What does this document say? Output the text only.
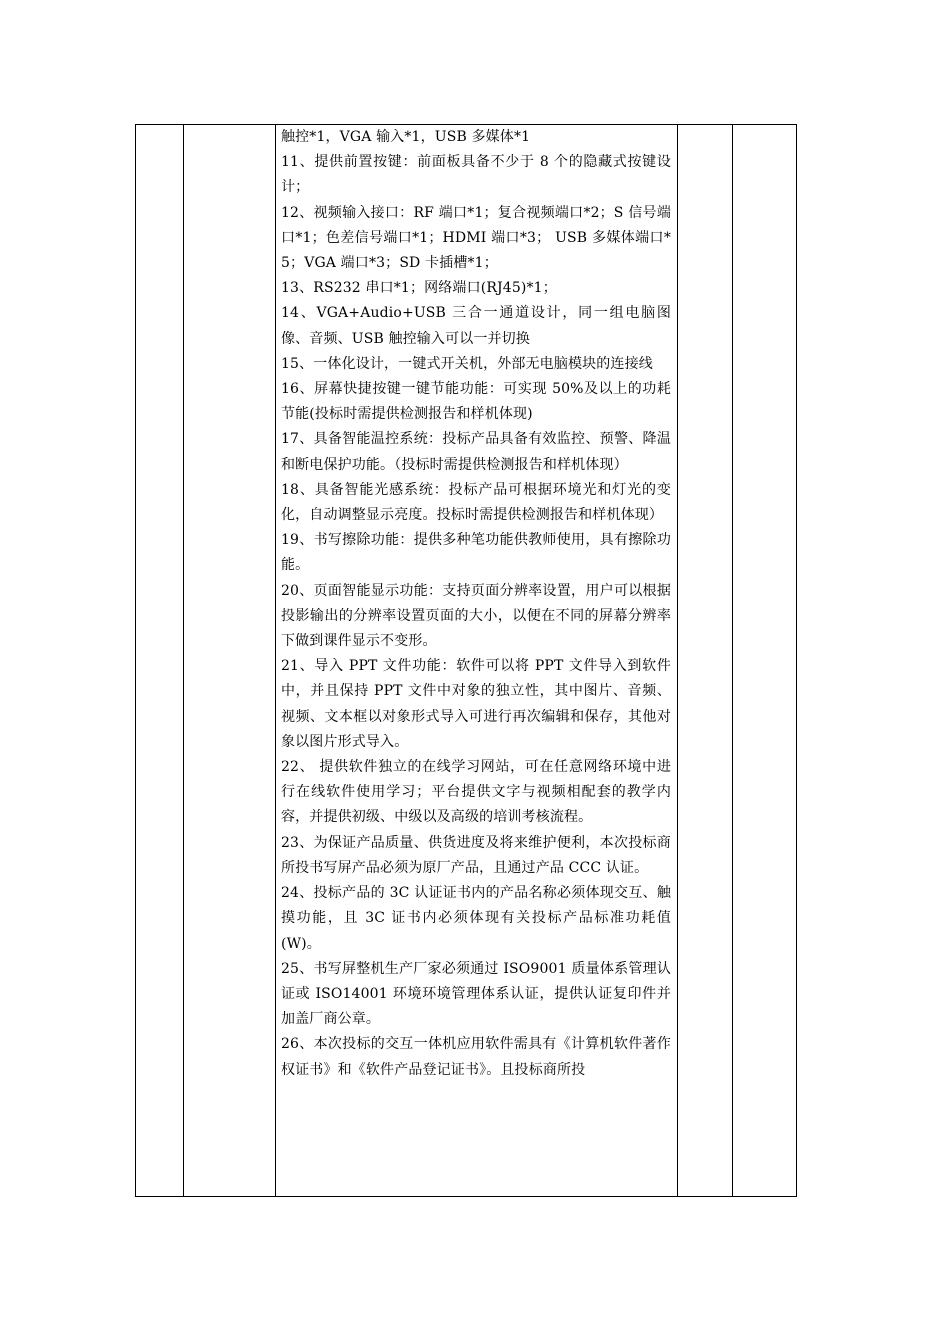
触控*1，VGA 输入*1，USB 多媒体*1
11、提供前置按键：前面板具备不少于 8 个的隐藏式按键设计；
12、视频输入接口：RF 端口*1；复合视频端口*2；S 信号端口*1；色差信号端口*1；HDMI 端口*3； USB 多媒体端口*5；VGA 端口*3；SD 卡插槽*1；
13、RS232 串口*1；网络端口(RJ45)*1；
14、VGA+Audio+USB 三合一通道设计，同一组电脑图像、音频、USB 触控输入可以一并切换
15、一体化设计，一键式开关机，外部无电脑模块的连接线
16、屏幕快捷按键一键节能功能：可实现 50%及以上的功耗节能(投标时需提供检测报告和样机体现)
17、具备智能温控系统：投标产品具备有效监控、预警、降温和断电保护功能。（投标时需提供检测报告和样机体现）
18、具备智能光感系统：投标产品可根据环境光和灯光的变化，自动调整显示亮度。投标时需提供检测报告和样机体现）
19、书写擦除功能：提供多种笔功能供教师使用，具有擦除功能。
20、页面智能显示功能：支持页面分辨率设置，用户可以根据投影输出的分辨率设置页面的大小，以便在不同的屏幕分辨率下做到课件显示不变形。
21、导入 PPT 文件功能：软件可以将 PPT 文件导入到软件中，并且保持 PPT 文件中对象的独立性，其中图片、音频、视频、文本框以对象形式导入可进行再次编辑和保存，其他对象以图片形式导入。
22、 提供软件独立的在线学习网站，可在任意网络环境中进行在线软件使用学习；平台提供文字与视频相配套的教学内容，并提供初级、中级以及高级的培训考核流程。
23、为保证产品质量、供货进度及将来维护便利，本次投标商所投书写屏产品必须为原厂产品，且通过产品 CCC 认证。
24、投标产品的 3C 认证证书内的产品名称必须体现交互、触摸功能，且 3C 证书内必须体现有关投标产品标准功耗值(W)。
25、书写屏整机生产厂家必须通过 ISO9001 质量体系管理认证或 ISO14001 环境环境管理体系认证，提供认证复印件并加盖厂商公章。
26、本次投标的交互一体机应用软件需具有《计算机软件著作权证书》和《软件产品登记证书》。且投标商所投
